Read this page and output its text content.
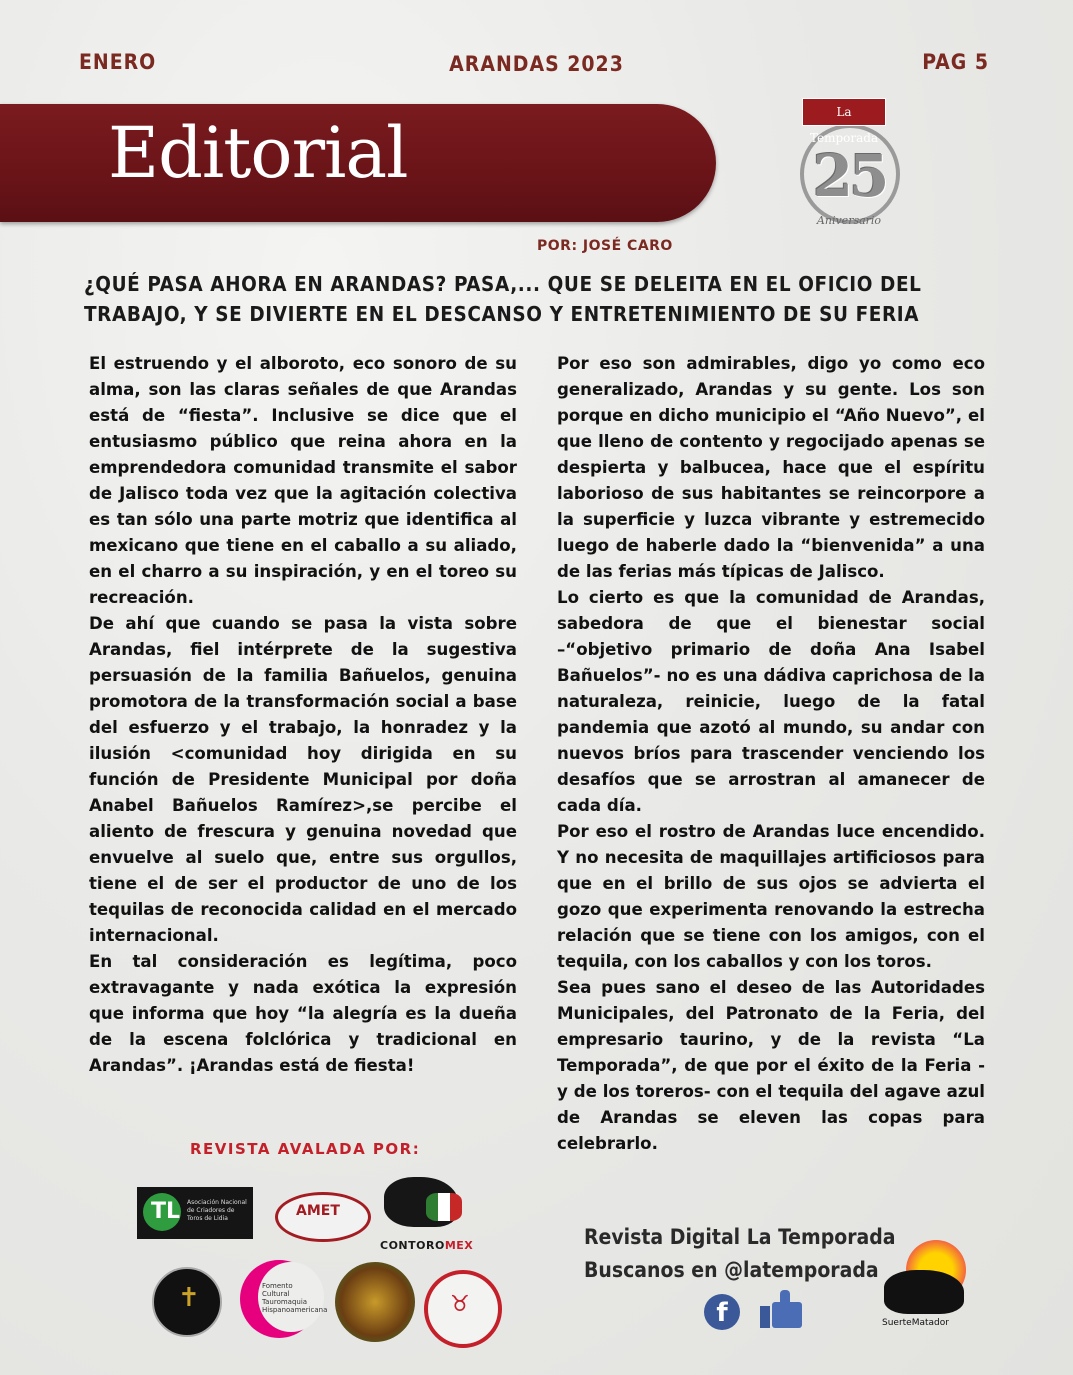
ENERO	ARANDAS 2023	PAG 5
Editorial	La Temporada
25
Aniversario
POR: JOSÉ CARO
¿QUÉ PASA AHORA EN ARANDAS? PASA,... QUE SE DELEITA EN EL OFICIO DEL TRABAJO, Y SE DIVIERTE EN EL DESCANSO Y ENTRETENIMIENTO DE SU FERIA

El estruendo y el alboroto, eco sonoro de su alma, son las claras señales de que Arandas está de “fiesta”. Inclusive se dice que el entusiasmo público que reina ahora en la emprendedora comunidad transmite el sabor de Jalisco toda vez que la agitación colectiva es tan sólo una parte motriz que identifica al mexicano que tiene en el caballo a su aliado, en el charro a su inspiración, y en el toreo su recreación.

De ahí que cuando se pasa la vista sobre Arandas, fiel intérprete de la sugestiva persuasión de la familia Bañuelos, genuina promotora de la transformación social a base del esfuerzo y el trabajo, la honradez y la ilusión <comunidad hoy dirigida en su función de Presidente Municipal por doña Anabel Bañuelos Ramírez>,se percibe el aliento de frescura y genuina novedad que envuelve al suelo que, entre sus orgullos, tiene el de ser el productor de uno de los tequilas de reconocida calidad en el mercado internacional.

En tal consideración es legítima, poco extravagante y nada exótica la expresión que informa que hoy “la alegría es la dueña de la escena folclórica y tradicional en Arandas”. ¡Arandas está de fiesta!

Por eso son admirables, digo yo como eco generalizado, Arandas y su gente. Los son porque en dicho municipio el “Año Nuevo”, el que lleno de contento y regocijado apenas se despierta y balbucea, hace que el espíritu laborioso de sus habitantes se reincorpore a la superficie y luzca vibrante y estremecido luego de haberle dado la “bienvenida” a una de las ferias más típicas de Jalisco.

Lo cierto es que la comunidad de Arandas, sabedora de que el bienestar social –“objetivo primario de doña Ana Isabel Bañuelos”- no es una dádiva caprichosa de la naturaleza, reinicie, luego de la fatal pandemia que azotó al mundo, su andar con nuevos bríos para trascender venciendo los desafíos que se arrostran al amanecer de cada día.

Por eso el rostro de Arandas luce encendido. Y no necesita de maquillajes artificiosos para que en el brillo de sus ojos se advierta el gozo que experimenta renovando la estrecha relación que se tiene con los amigos, con el tequila, con los caballos y con los toros.

Sea pues sano el deseo de las Autoridades Municipales, del Patronato de la Feria, del empresario taurino, y de la revista “La Temporada”, de que por el éxito de la Feria -y de los toreros- con el tequila del agave azul de Arandas se eleven las copas para celebrarlo.

REVISTA AVALADA POR:
TL Asociación Nacional de Criadores de Toros de Lidia	AMET
CONTOROMEX
✝	Fomento Cultural Tauromaquia Hispanoamericana	♉
Revista Digital La Temporada
Buscanos en @latemporada
f	SuerteMatador
